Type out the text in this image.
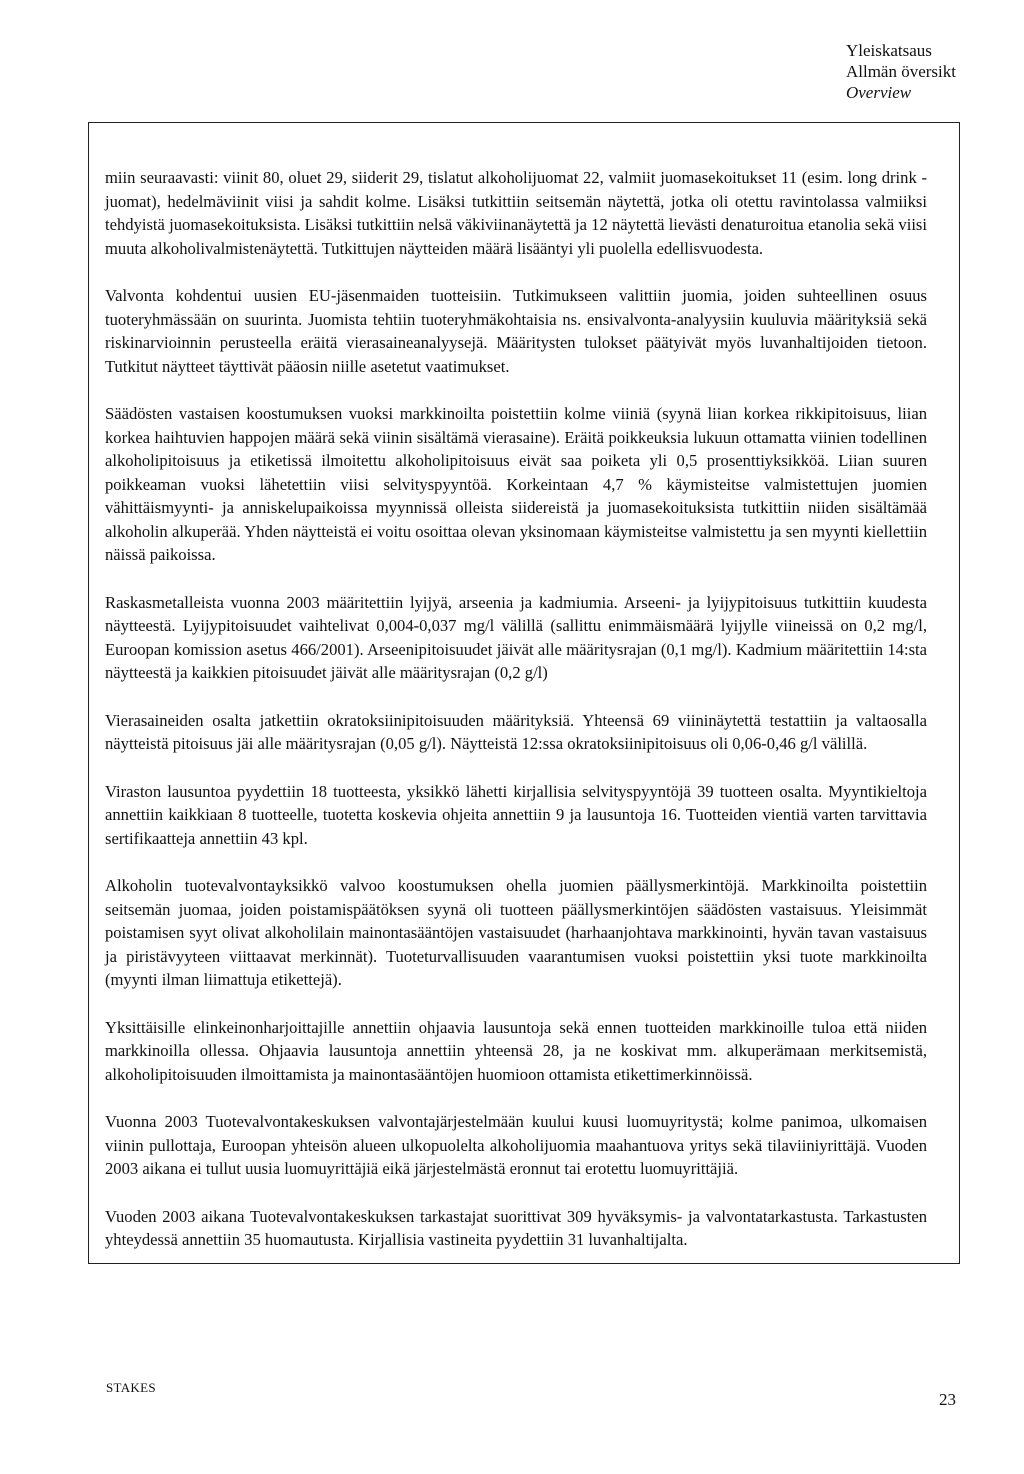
Yleiskatsaus
Allmän översikt
Overview

miin seuraavasti: viinit 80, oluet 29, siiderit 29, tislatut alkoholijuomat 22, valmiit juomasekoitukset 11 (esim. long drink -juomat), hedelmäviinit viisi ja sahdit kolme. Lisäksi tutkittiin seitsemän näytettä, jotka oli otettu ravintolassa valmiiksi tehdyistä juomasekoituksista. Lisäksi tutkittiin nelsä väkiviinanäytettä ja 12 näytettä lievästi denaturoitua etanolia sekä viisi muuta alkoholivalmistenäytettä. Tutkittujen näytteiden määrä lisääntyi yli puolella edellisvuodesta.

Valvonta kohdentui uusien EU-jäsenmaiden tuotteisiin. Tutkimukseen valittiin juomia, joiden suhteellinen osuus tuoteryhmässään on suurinta. Juomista tehtiin tuoteryhmäkohtaisia ns. ensivalvonta-analyysiin kuuluvia määrityksiä sekä riskinarvioinnin perusteella eräitä vierasaineanalyysejä. Määritysten tulokset päätyivät myös luvanhaltijoiden tietoon. Tutkitut näytteet täyttivät pääosin niille asetetut vaatimukset.

Säädösten vastaisen koostumuksen vuoksi markkinoilta poistettiin kolme viiniä (syynä liian korkea rikkipitoisuus, liian korkea haihtuvien happojen määrä sekä viinin sisältämä vierasaine). Eräitä poikkeuksia lukuun ottamatta viinien todellinen alkoholipitoisuus ja etiketissä ilmoitettu alkoholipitoisuus eivät saa poiketa yli 0,5 prosenttiyksikköä. Liian suuren poikkeaman vuoksi lähetettiin viisi selvityspyyntöä. Korkeintaan 4,7 % käymisteitse valmistettujen juomien vähittäismyynti- ja anniskelupaikoissa myynnissä olleista siidereistä ja juomasekoituksista tutkittiin niiden sisältämää alkoholin alkuperää. Yhden näytteistä ei voitu osoittaa olevan yksinomaan käymisteitse valmistettu ja sen myynti kiellettiin näissä paikoissa.

Raskasmetalleista vuonna 2003 määritettiin lyijyä, arseenia ja kadmiumia. Arseeni- ja lyijypitoisuus tutkittiin kuudesta näytteestä. Lyijypitoisuudet vaihtelivat 0,004-0,037 mg/l välillä (sallittu enimmäismäärä lyijylle viineissä on 0,2 mg/l, Euroopan komission asetus 466/2001). Arseenipitoisuudet jäivät alle määritysrajan (0,1 mg/l). Kadmium määritettiin 14:sta näytteestä ja kaikkien pitoisuudet jäivät alle määritysrajan (0,2 g/l)

Vierasaineiden osalta jatkettiin okratoksiinipitoisuuden määrityksiä. Yhteensä 69 viininäytettä testattiin ja valtaosalla näytteistä pitoisuus jäi alle määritysrajan (0,05 g/l). Näytteistä 12:ssa okratoksiinipitoisuus oli 0,06-0,46 g/l välillä.

Viraston lausuntoa pyydettiin 18 tuotteesta, yksikkö lähetti kirjallisia selvityspyyntöjä 39 tuotteen osalta. Myyntikieltoja annettiin kaikkiaan 8 tuotteelle, tuotetta koskevia ohjeita annettiin 9 ja lausuntoja 16. Tuotteiden vientiä varten tarvittavia sertifikaatteja annettiin 43 kpl.

Alkoholin tuotevalvontayksikkö valvoo koostumuksen ohella juomien päällysmerkintöjä. Markkinoilta poistettiin seitsemän juomaa, joiden poistamispäätöksen syynä oli tuotteen päällysmerkintöjen säädösten vastaisuus. Yleisimmät poistamisen syyt olivat alkoholilain mainontasääntöjen vastaisuudet (harhaanjohtava markkinointi, hyvän tavan vastaisuus ja piristävyyteen viittaavat merkinnät). Tuoteturvallisuuden vaarantumisen vuoksi poistettiin yksi tuote markkinoilta (myynti ilman liimattuja etikettejä).

Yksittäisille elinkeinonharjoittajille annettiin ohjaavia lausuntoja sekä ennen tuotteiden markkinoille tuloa että niiden markkinoilla ollessa. Ohjaavia lausuntoja annettiin yhteensä 28, ja ne koskivat mm. alkuperämaan merkitsemistä, alkoholipitoisuuden ilmoittamista ja mainontasääntöjen huomioon ottamista etikettimerkinnöissä.

Vuonna 2003 Tuotevalvontakeskuksen valvontajärjestelmään kuului kuusi luomuyritystä; kolme panimoa, ulkomaisen viinin pullottaja, Euroopan yhteisön alueen ulkopuolelta alkoholijuomia maahantuova yritys sekä tilaviiniyrittäjä. Vuoden 2003 aikana ei tullut uusia luomuyrittäjiä eikä järjestelmästä eronnut tai erotettu luomuyrittäjiä.

Vuoden 2003 aikana Tuotevalvontakeskuksen tarkastajat suorittivat 309 hyväksymis- ja valvontatarkastusta. Tarkastusten yhteydessä annettiin 35 huomautusta. Kirjallisia vastineita pyydettiin 31 luvanhaltijalta.

STAKES
23
